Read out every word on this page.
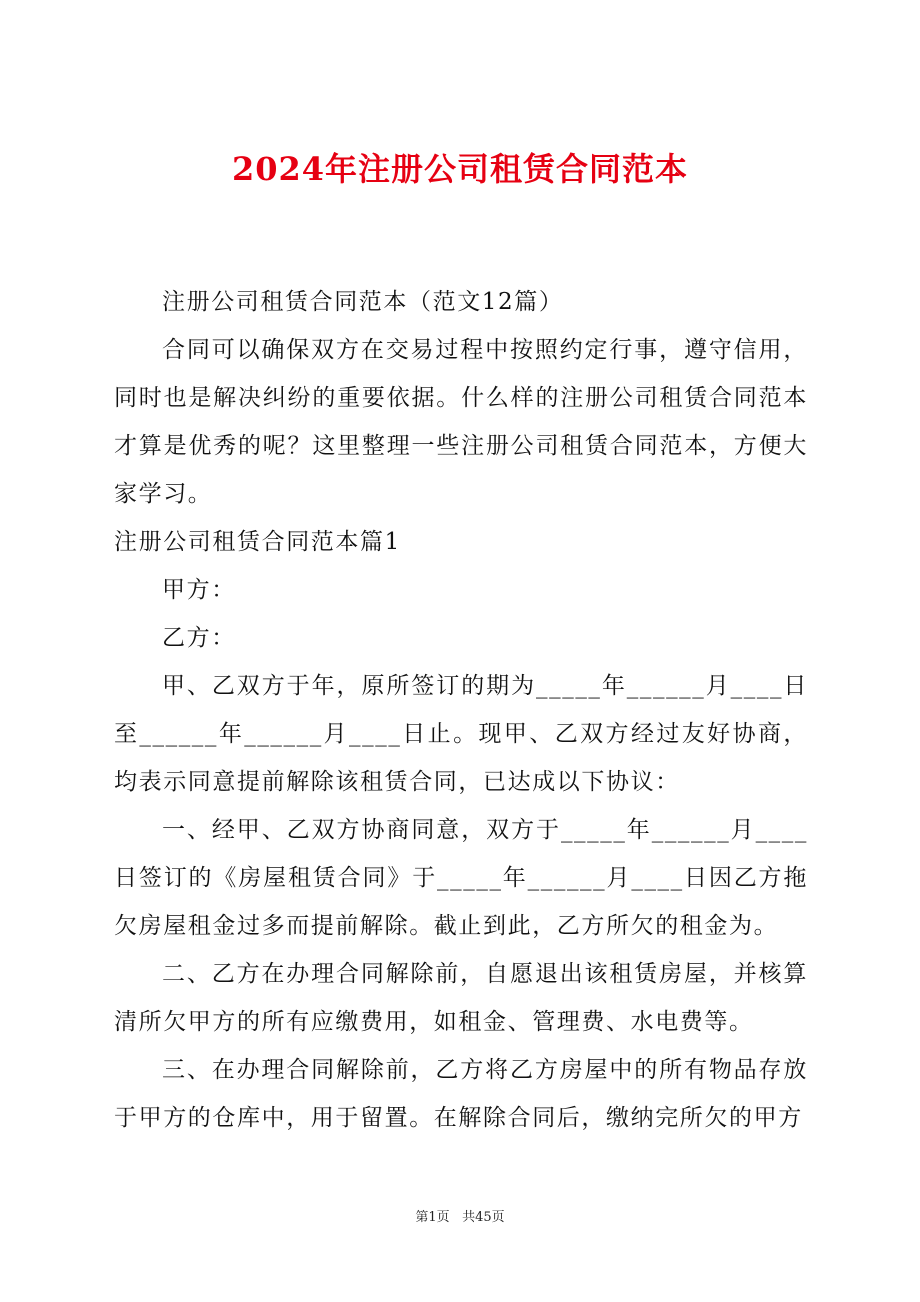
2024年注册公司租赁合同范本

注册公司租赁合同范本（范文12篇）

合同可以确保双方在交易过程中按照约定行事，遵守信用，同时也是解决纠纷的重要依据。什么样的注册公司租赁合同范本才算是优秀的呢？这里整理一些注册公司租赁合同范本，方便大家学习。

注册公司租赁合同范本篇1

甲方：

乙方：

甲、乙双方于年，原所签订的期为_____年______月____日至______年______月____日止。现甲、乙双方经过友好协商，均表示同意提前解除该租赁合同，已达成以下协议：

一、经甲、乙双方协商同意，双方于_____年______月____日签订的《房屋租赁合同》于_____年______月____日因乙方拖欠房屋租金过多而提前解除。截止到此，乙方所欠的租金为。

二、乙方在办理合同解除前，自愿退出该租赁房屋，并核算清所欠甲方的所有应缴费用，如租金、管理费、水电费等。

三、在办理合同解除前，乙方将乙方房屋中的所有物品存放于甲方的仓库中，用于留置。在解除合同后，缴纳完所欠的甲方

第1页 共45页
